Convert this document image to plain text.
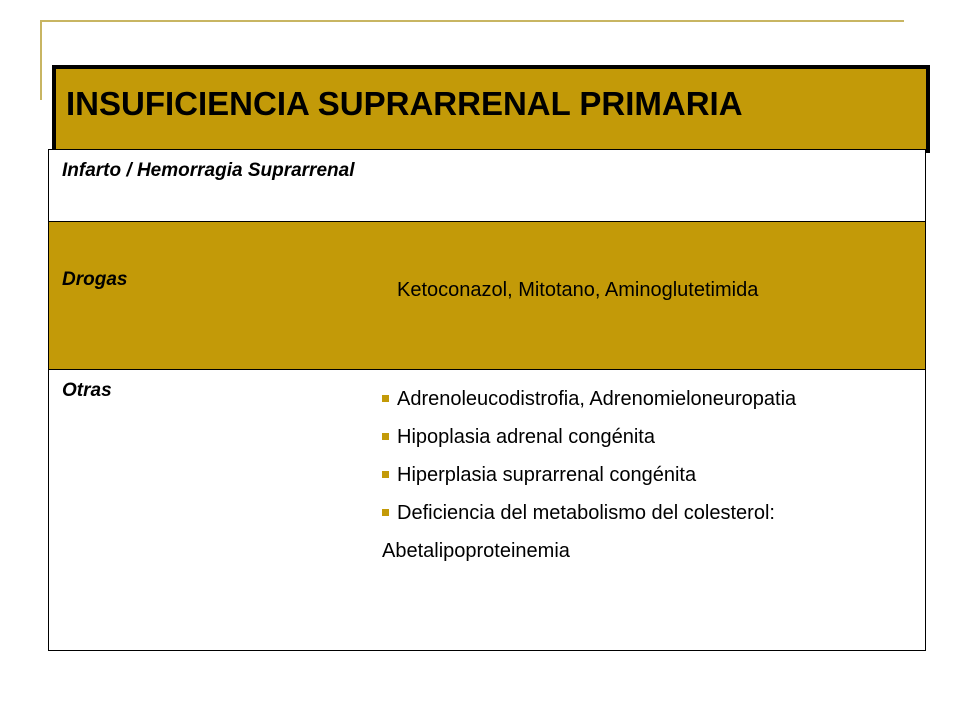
INSUFICIENCIA SUPRARRENAL PRIMARIA
Infarto / Hemorragia Suprarrenal
Drogas	Ketoconazol, Mitotano, Aminoglutetimida
Otras	Adrenoleucodistrofia, Adrenomieloneuropatia
Hipoplasia adrenal congénita
Hiperplasia suprarrenal congénita
Deficiencia del metabolismo del colesterol: Abetalipoproteinemia
